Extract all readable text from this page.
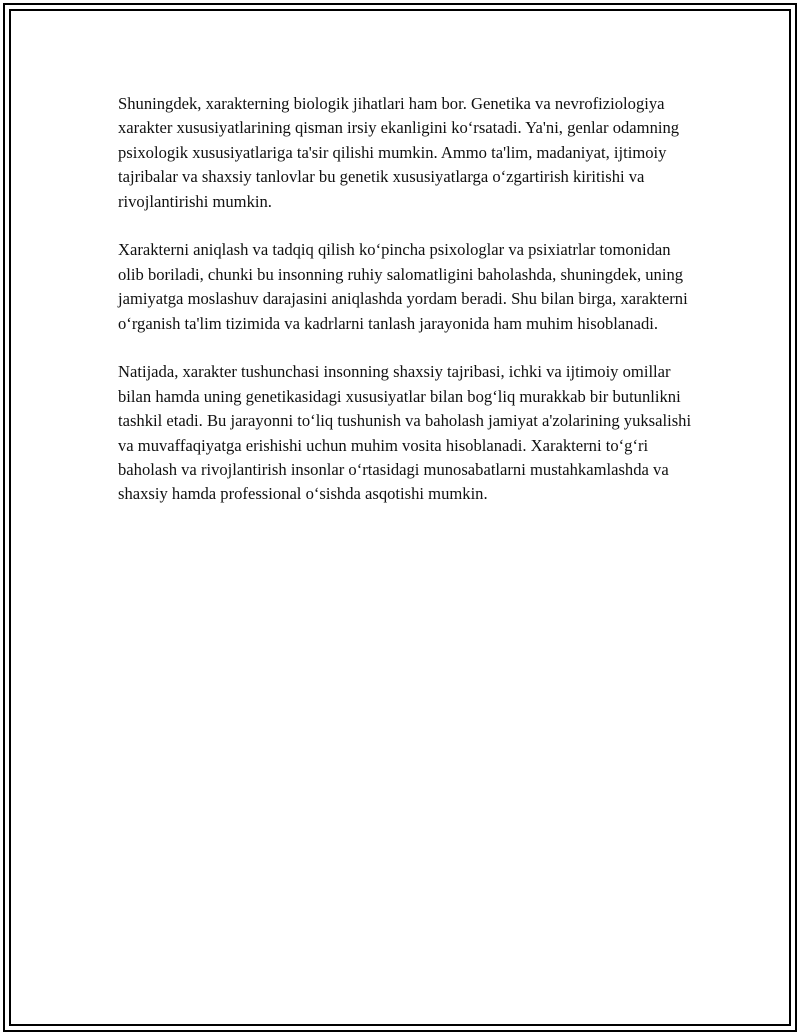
Shuningdek, xarakterning biologik jihatlari ham bor. Genetika va nevrofiziologiya xarakter xususiyatlarining qisman irsiy ekanligini ko‘rsatadi. Ya'ni, genlar odamning psixologik xususiyatlariga ta'sir qilishi mumkin. Ammo ta'lim, madaniyat, ijtimoiy tajribalar va shaxsiy tanlovlar bu genetik xususiyatlarga o‘zgartirish kiritishi va rivojlantirishi mumkin.

Xarakterni aniqlash va tadqiq qilish ko‘pincha psixologlar va psixiatrlar tomonidan olib boriladi, chunki bu insonning ruhiy salomatligini baholashda, shuningdek, uning jamiyatga moslashuv darajasini aniqlashda yordam beradi. Shu bilan birga, xarakterni o‘rganish ta'lim tizimida va kadrlarni tanlash jarayonida ham muhim hisoblanadi.

Natijada, xarakter tushunchasi insonning shaxsiy tajribasi, ichki va ijtimoiy omillar bilan hamda uning genetikasidagi xususiyatlar bilan bog‘liq murakkab bir butunlikni tashkil etadi. Bu jarayonni to‘liq tushunish va baholash jamiyat a'zolarining yuksalishi va muvaffaqiyatga erishishi uchun muhim vosita hisoblanadi. Xarakterni to‘g‘ri baholash va rivojlantirish insonlar o‘rtasidagi munosabatlarni mustahkamlashda va shaxsiy hamda professional o‘sishda asqotishi mumkin.
